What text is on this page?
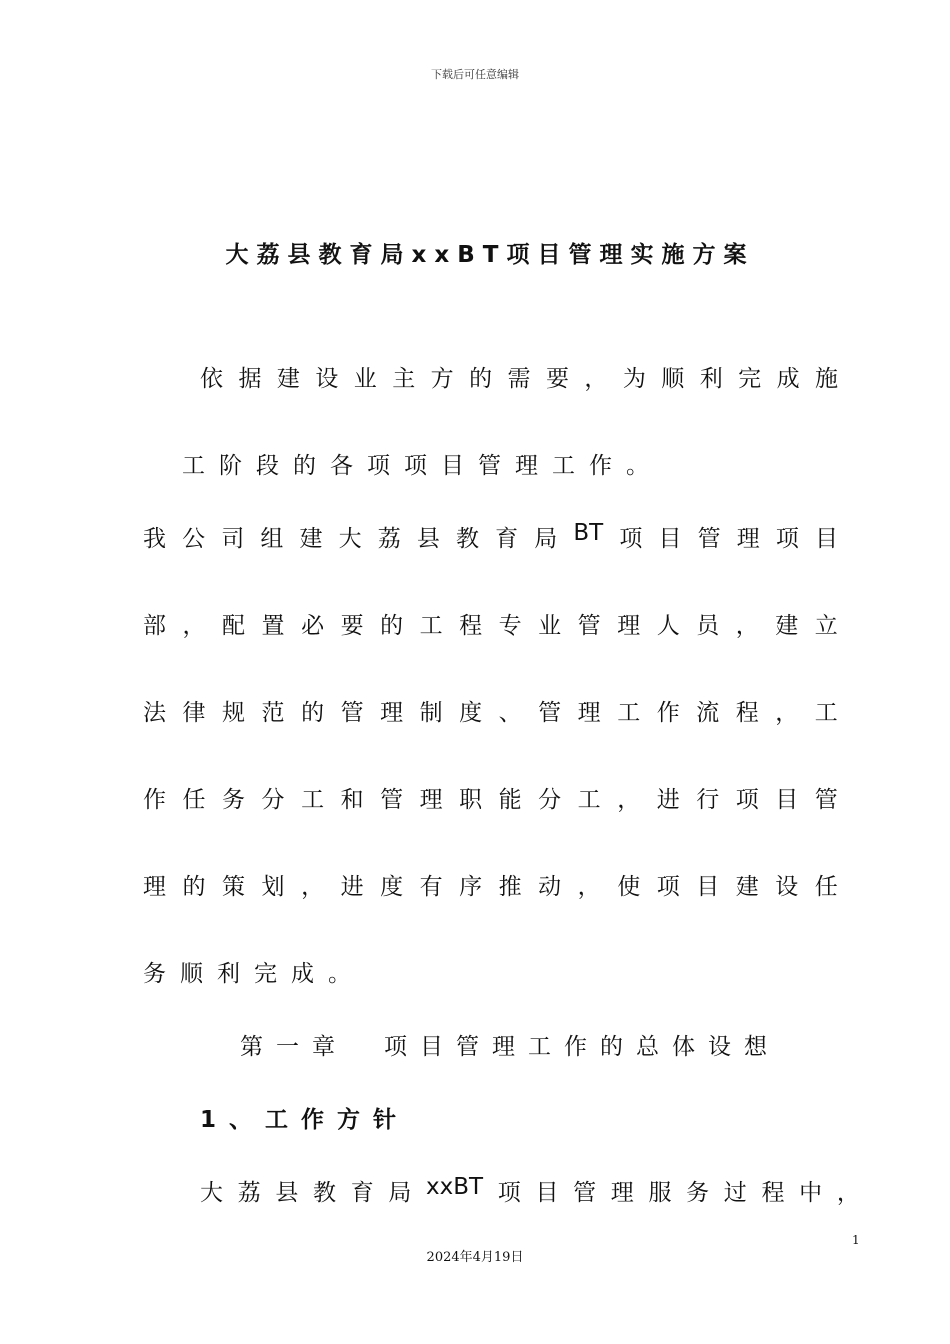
下载后可任意编辑
大荔县教育局xxBT项目管理实施方案
依 据 建 设 业 主 方 的 需 要 ， 为 顺 利 完 成 施
工阶段的各项项目管理工作。
我 公 司 组 建 大 荔 县 教 育 局 BT 项 目 管 理 项 目
部 ， 配 置 必 要 的 工 程 专 业 管 理 人 员 ， 建 立
法 律 规 范 的 管 理 制 度 、 管 理 工 作 流 程 ， 工
作 任 务 分 工 和 管 理 职 能 分 工 ， 进 行 项 目 管
理 的 策 划 ， 进 度 有 序 推 动 ， 使 项 目 建 设 任
务顺利完成。
第一章　项目管理工作的总体设想
1、工作方针
大 荔 县 教 育 局 xxBT 项 目 管 理 服 务 过 程 中 ，
1
2024年4月19日
